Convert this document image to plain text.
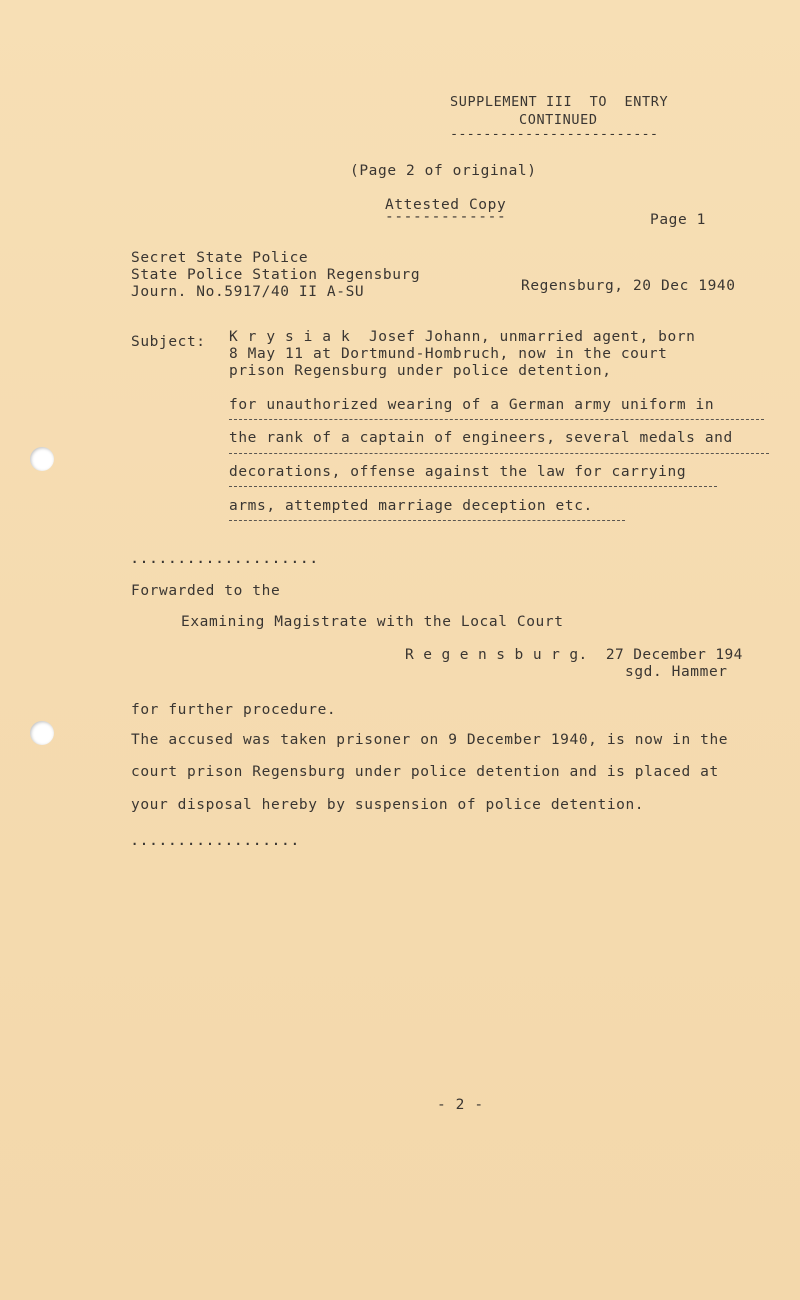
SUPPLEMENT III  TO  ENTRY
CONTINUED
-------------------------
(Page 2 of original)
Attested Copy
-------------	Page 1
Secret State Police
State Police Station Regensburg
Journ. No.5917/40 II A-SU	Regensburg, 20 Dec 1940
Subject: K r y s i a k  Josef Johann, unmarried agent, born
8 May 11 at Dortmund-Hombruch, now in the court
prison Regensburg under police detention,
for unauthorized wearing of a German army uniform in
the rank of a captain of engineers, several medals and
decorations, offense against the law for carrying
arms, attempted marriage deception etc.
....................
Forwarded to the
Examining Magistrate with the Local Court
R e g e n s b u r g.  27 December 194
sgd. Hammer
for further procedure.
The accused was taken prisoner on 9 December 1940, is now in the
court prison Regensburg under police detention and is placed at
your disposal hereby by suspension of police detention.
..................
- 2 -
